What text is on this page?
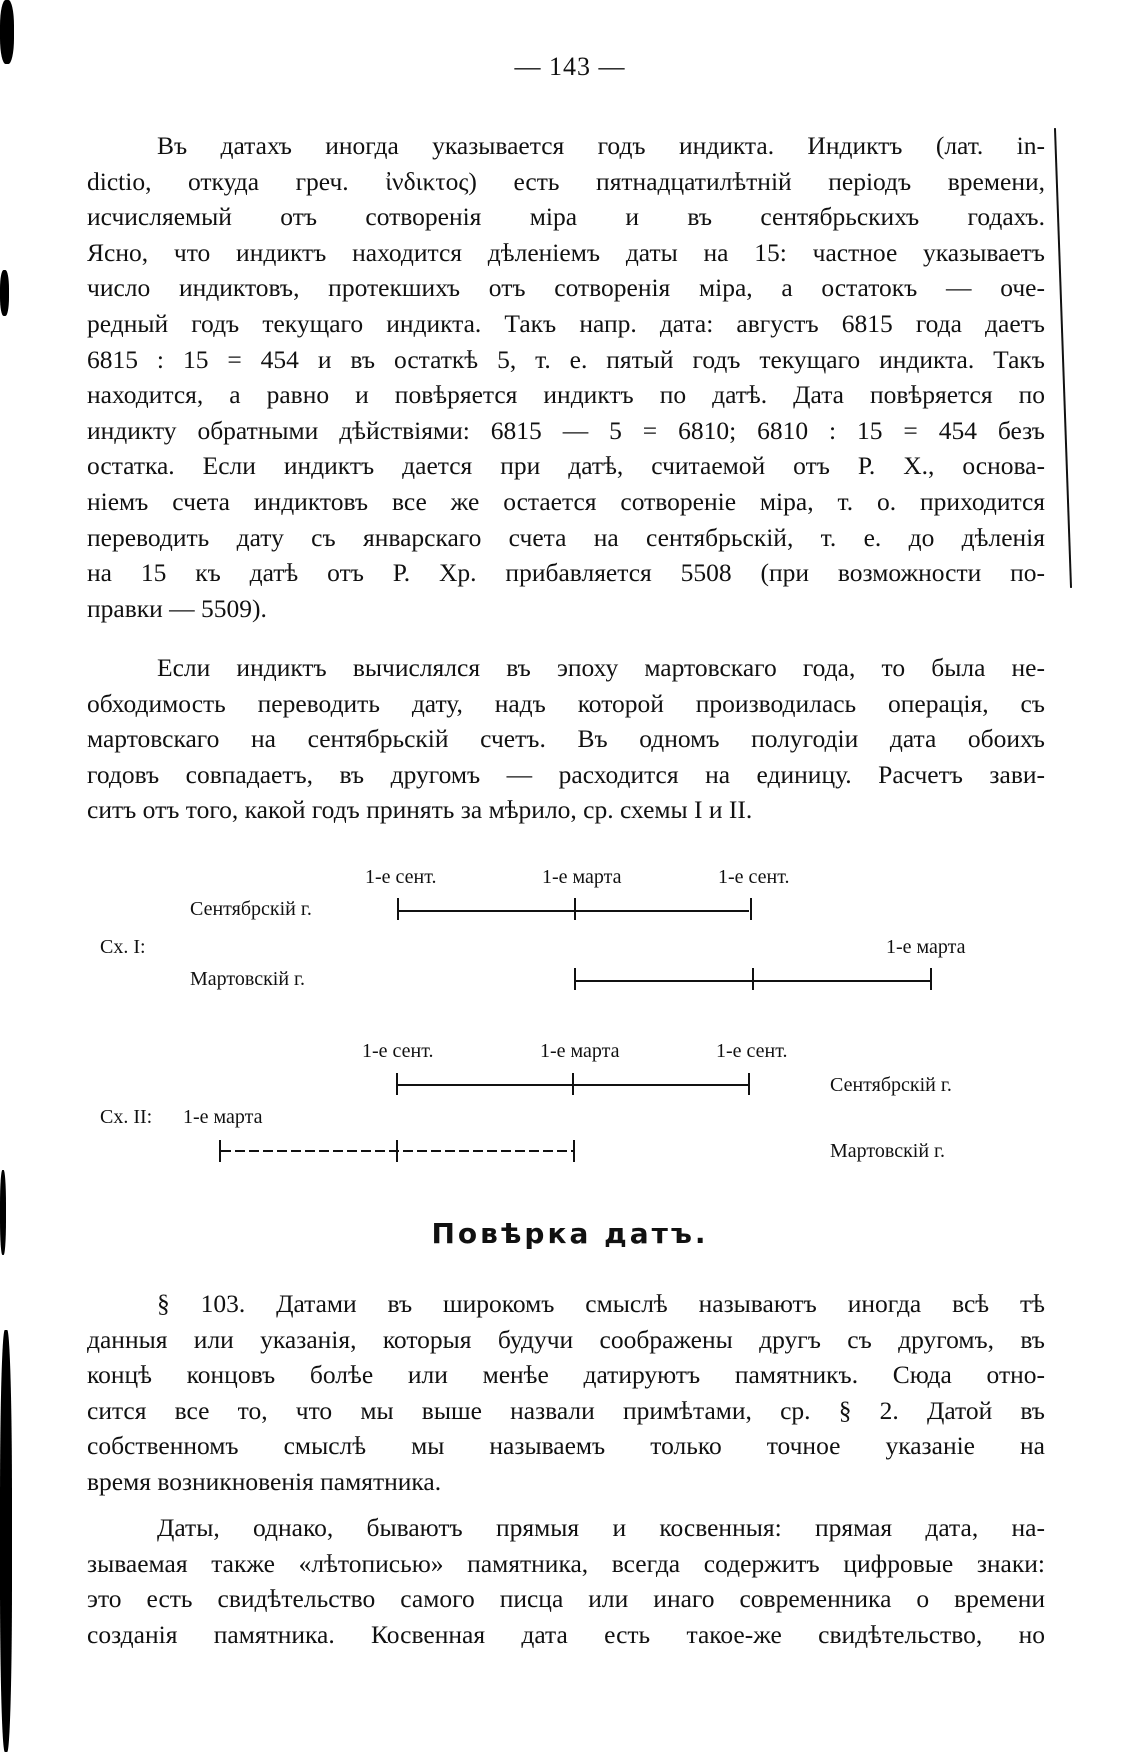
— 143 —
Въ датахъ иногда указывается годъ индикта. Индиктъ (лат. in-
dictio, откуда греч. ἰνδικτος) есть пятнадцатилѣтній періодъ времени,
исчисляемый отъ сотворенія міра и въ сентябрьскихъ годахъ.
Ясно, что индиктъ находится дѣленіемъ даты на 15: частное указываетъ
число индиктовъ, протекшихъ отъ сотворенія міра, а остатокъ — оче-
редный годъ текущаго индикта. Такъ напр. дата: августъ 6815 года даетъ
6815 : 15 = 454 и въ остаткѣ 5, т. е. пятый годъ текущаго индикта. Такъ
находится, а равно и повѣряется индиктъ по датѣ. Дата повѣряется по
индикту обратными дѣйствіями: 6815 — 5 = 6810; 6810 : 15 = 454 безъ
остатка. Если индиктъ дается при датѣ, считаемой отъ Р. Х., основа-
ніемъ счета индиктовъ все же остается сотвореніе міра, т. о. приходится
переводить дату съ январскаго счета на сентябрьскій, т. е. до дѣленія
на 15 къ датѣ отъ Р. Хр. прибавляется 5508 (при возможности по-
правки — 5509).
Если индиктъ вычислялся въ эпоху мартовскаго года, то была не-
обходимость переводить дату, надъ которой производилась операція, съ
мартовскаго на сентябрьскій счетъ. Въ одномъ полугодіи дата обоихъ
годовъ совпадаетъ, въ другомъ — расходится на единицу. Расчетъ зави-
ситъ отъ того, какой годъ принять за мѣрило, ср. схемы I и II.
1-е сент.	1-е марта	1-е сент.
Сентябрскій г.
Сх. I:	1-е марта
Мартовскій г.
1-е сент.	1-е марта	1-е сент.
Сентябрскій г.
Сх. II: 1-е марта
Мартовскій г.
Повѣрка датъ.
§ 103. Датами въ широкомъ смыслѣ называютъ иногда всѣ тѣ
данныя или указанія, которыя будучи соображены другъ съ другомъ, въ
концѣ концовъ болѣе или менѣе датируютъ памятникъ. Сюда отно-
сится все то, что мы выше назвали примѣтами, ср. § 2. Датой въ
собственномъ смыслѣ мы называемъ только точное указаніе на
время возникновенія памятника.
Даты, однако, бываютъ прямыя и косвенныя: прямая дата, на-
зываемая также «лѣтописью» памятника, всегда содержитъ цифровые знаки:
это есть свидѣтельство самого писца или инаго современника о времени
созданія памятника. Косвенная дата есть такое-же свидѣтельство, но
